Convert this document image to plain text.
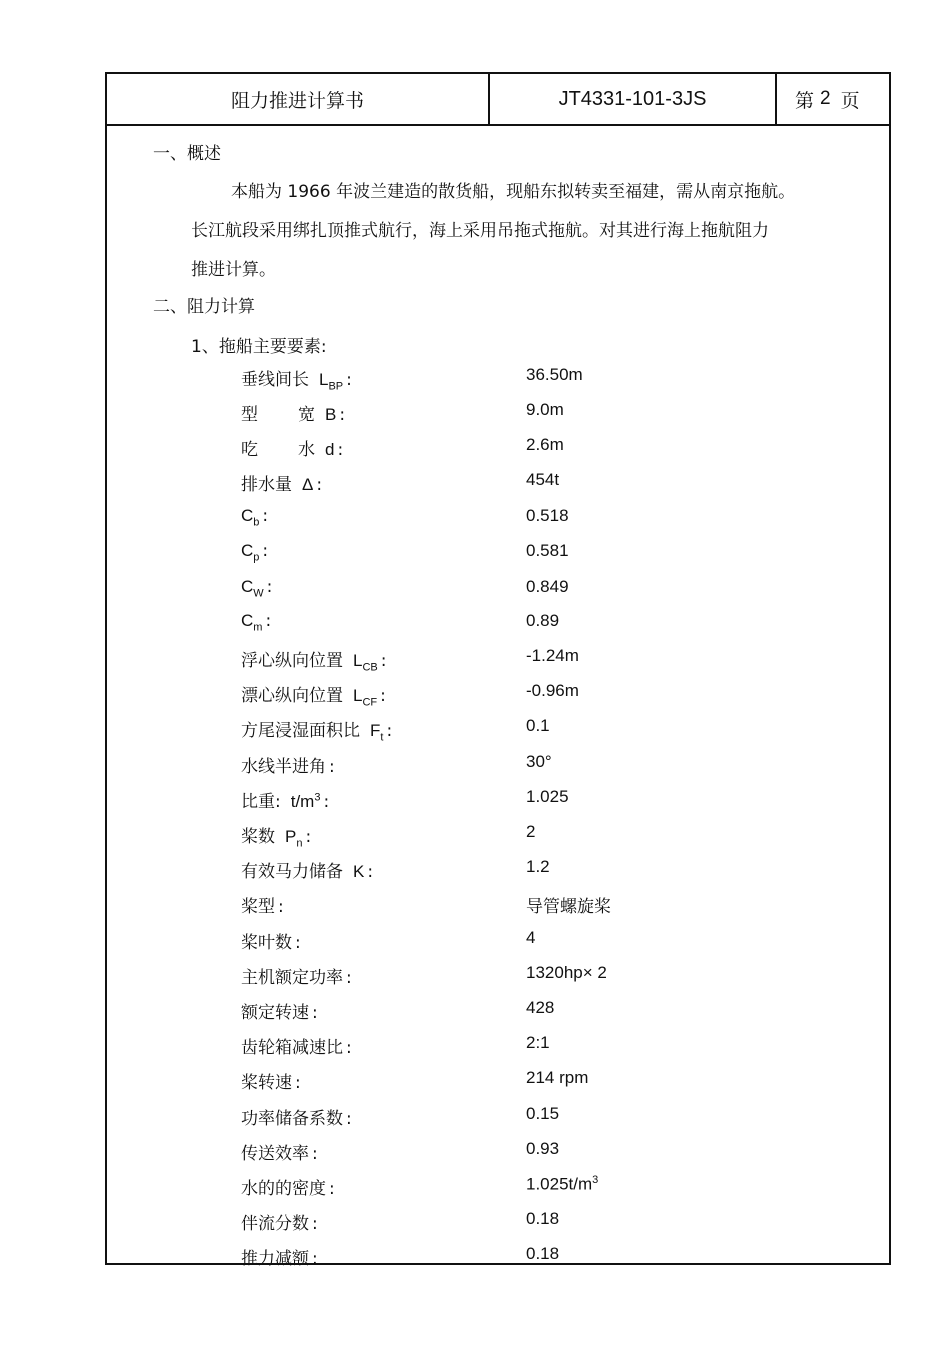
阻力推进计算书	JT4331-101-3JS	第 2 页
一、概述
本船为 1966 年波兰建造的散货船，现船东拟转卖至福建，需从南京拖航。
长江航段采用绑扎顶推式航行，海上采用吊拖式拖航。对其进行海上拖航阻力
推进计算。
二、阻力计算
1、拖船主要要素:
垂线间长 $L_{BP}$ :	36.50m
型 宽 B :	9.0m
吃 水 d :	2.6m
排水量 Δ :	454t
$C_b$ :	0.518
$C_p$ :	0.581
$C_W$ :	0.849
$C_m$ :	0.89
浮心纵向位置 $L_{CB}$ :	-1.24m
漂心纵向位置 $L_{CF}$ :	-0.96m
方尾浸湿面积比 $F_t$ :	0.1
水线半进角 :	30°
比重: $t/m^3$ :	1.025
桨数 $P_n$ :	2
有效马力储备 K :	1.2
桨型 :	导管螺旋桨
桨叶数 :	4
主机额定功率 :	1320hp× 2
额定转速 :	428
齿轮箱减速比 :	2:1
桨转速 :	214 rpm
功率储备系数 :	0.15
传送效率 :	0.93
水的的密度 :	$1.025t/m^3$
伴流分数 :	0.18
推力减额 :	0.18
